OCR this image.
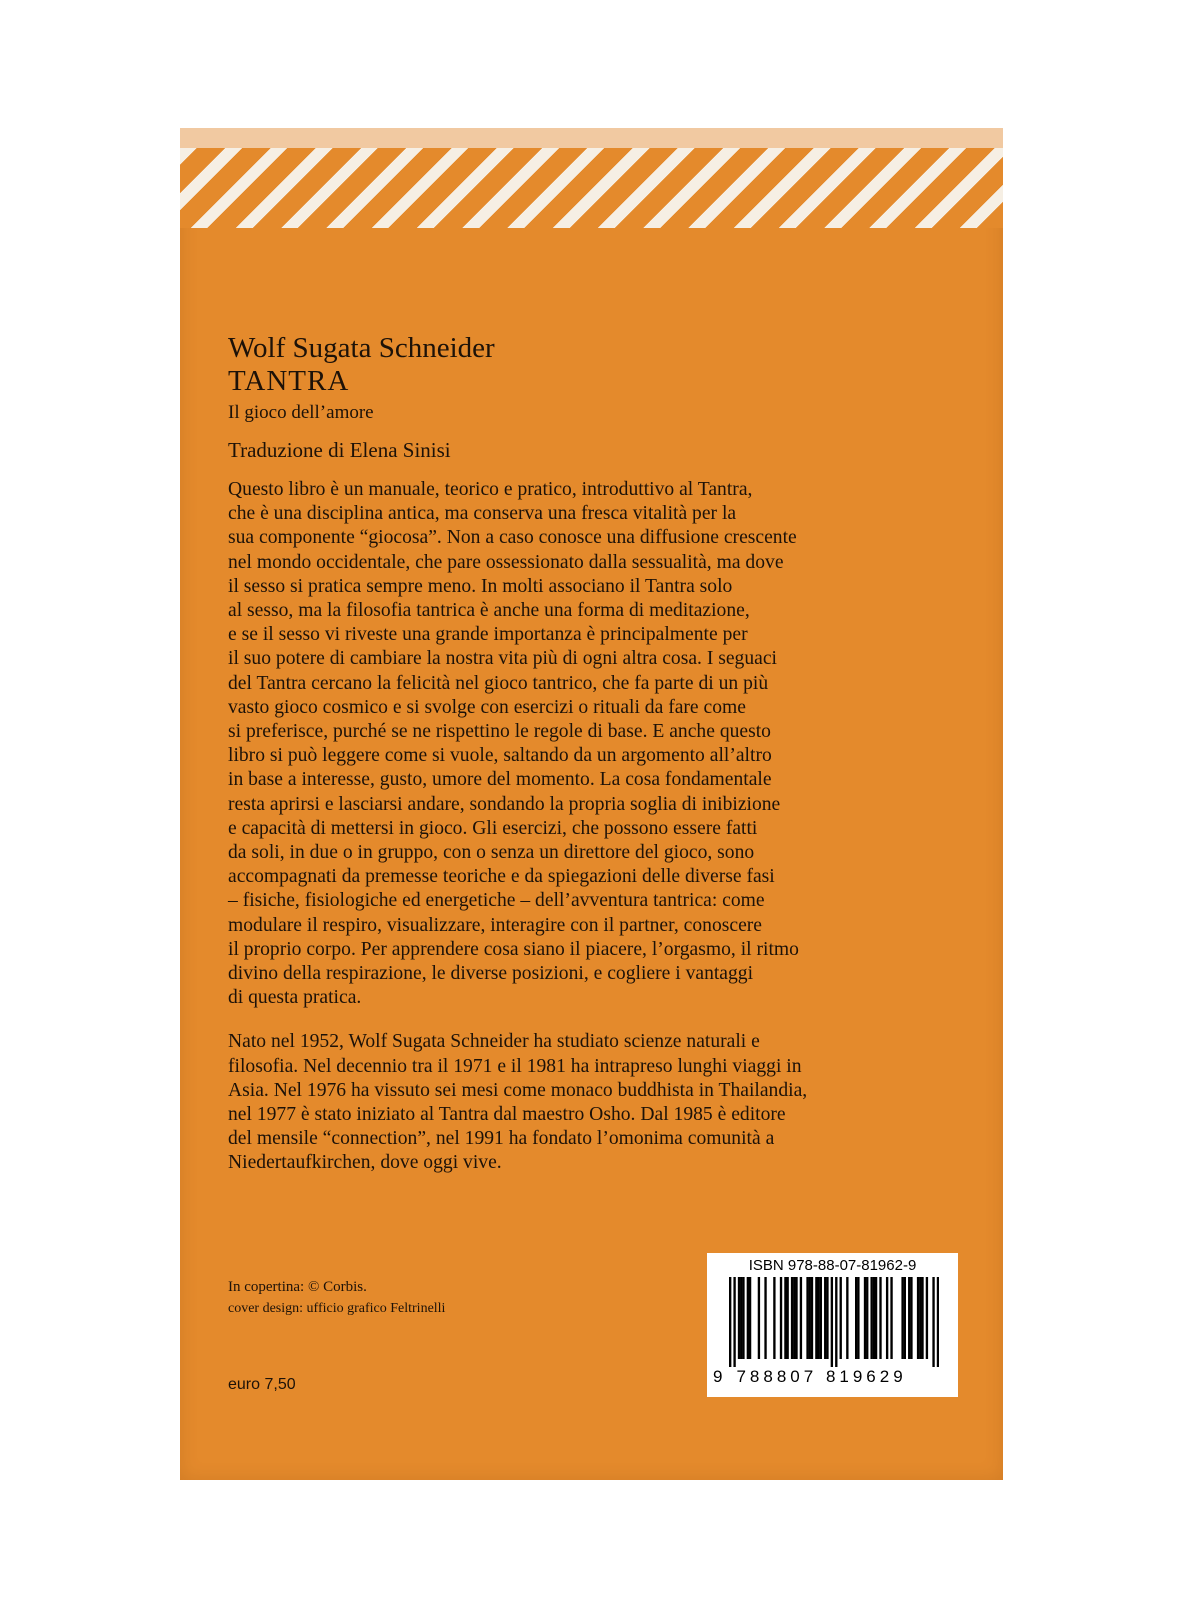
Wolf Sugata Schneider
TANTRA
Il gioco dell’amore
Traduzione di Elena Sinisi

Questo libro è un manuale, teorico e pratico, introduttivo al Tantra,
che è una disciplina antica, ma conserva una fresca vitalità per la
sua componente “giocosa”. Non a caso conosce una diffusione crescente
nel mondo occidentale, che pare ossessionato dalla sessualità, ma dove
il sesso si pratica sempre meno. In molti associano il Tantra solo
al sesso, ma la filosofia tantrica è anche una forma di meditazione,
e se il sesso vi riveste una grande importanza è principalmente per
il suo potere di cambiare la nostra vita più di ogni altra cosa. I seguaci
del Tantra cercano la felicità nel gioco tantrico, che fa parte di un più
vasto gioco cosmico e si svolge con esercizi o rituali da fare come
si preferisce, purché se ne rispettino le regole di base. E anche questo
libro si può leggere come si vuole, saltando da un argomento all’altro
in base a interesse, gusto, umore del momento. La cosa fondamentale
resta aprirsi e lasciarsi andare, sondando la propria soglia di inibizione
e capacità di mettersi in gioco. Gli esercizi, che possono essere fatti
da soli, in due o in gruppo, con o senza un direttore del gioco, sono
accompagnati da premesse teoriche e da spiegazioni delle diverse fasi
– fisiche, fisiologiche ed energetiche – dell’avventura tantrica: come
modulare il respiro, visualizzare, interagire con il partner, conoscere
il proprio corpo. Per apprendere cosa siano il piacere, l’orgasmo, il ritmo
divino della respirazione, le diverse posizioni, e cogliere i vantaggi
di questa pratica.

Nato nel 1952, Wolf Sugata Schneider ha studiato scienze naturali e
filosofia. Nel decennio tra il 1971 e il 1981 ha intrapreso lunghi viaggi in
Asia. Nel 1976 ha vissuto sei mesi come monaco buddhista in Thailandia,
nel 1977 è stato iniziato al Tantra dal maestro Osho. Dal 1985 è editore
del mensile “connection”, nel 1991 ha fondato l’omonima comunità a
Niedertaufkirchen, dove oggi vive.

In copertina: © Corbis.
cover design: ufficio grafico Feltrinelli
euro 7,50
ISBN 978-88-07-81962-9
9 788807 819629
